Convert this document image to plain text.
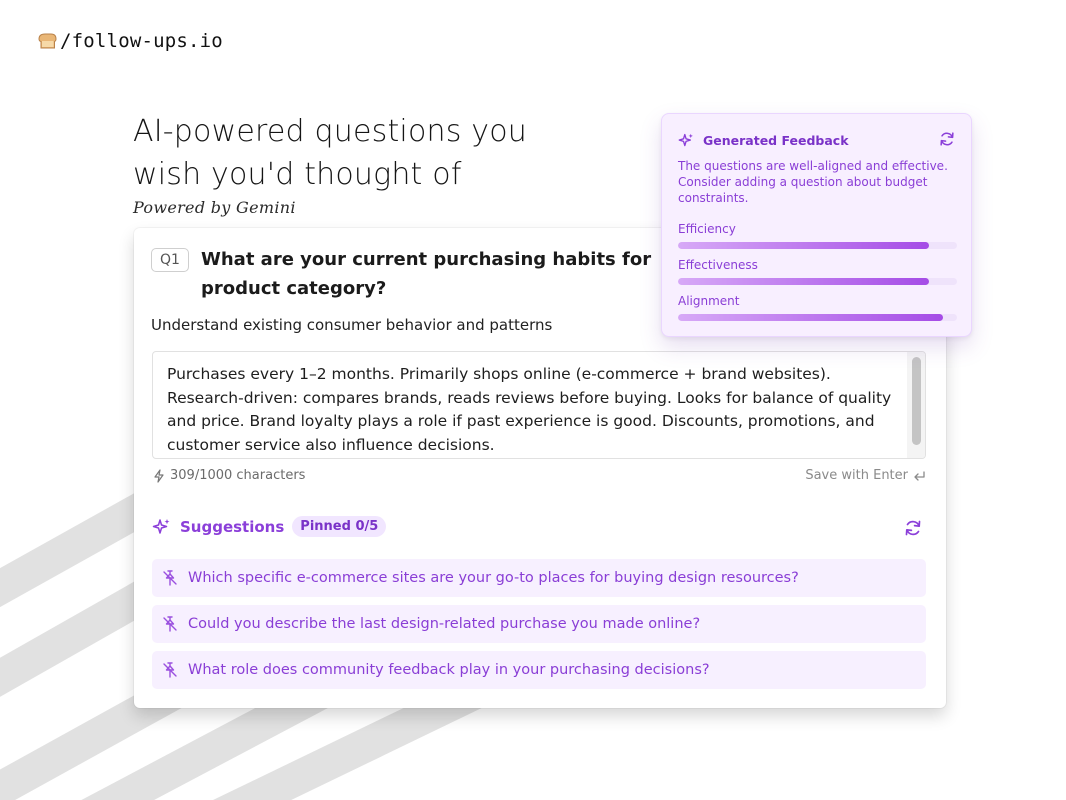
/follow-ups.io
AI-powered questions you
wish you'd thought of
Powered by Gemini
Q1	What are your current purchasing habits for product category?
Understand existing consumer behavior and patterns
Purchases every 1–2 months. Primarily shops online (e-commerce + brand websites). Research-driven: compares brands, reads reviews before buying. Looks for balance of quality and price. Brand loyalty plays a role if past experience is good. Discounts, promotions, and customer service also influence decisions.
309/1000 characters	Save with Enter
Suggestions	Pinned 0/5
Which specific e-commerce sites are your go-to places for buying design resources?
Could you describe the last design-related purchase you made online?
What role does community feedback play in your purchasing decisions?
Generated Feedback
The questions are well-aligned and effective. Consider adding a question about budget constraints.
Efficiency
Effectiveness
Alignment
